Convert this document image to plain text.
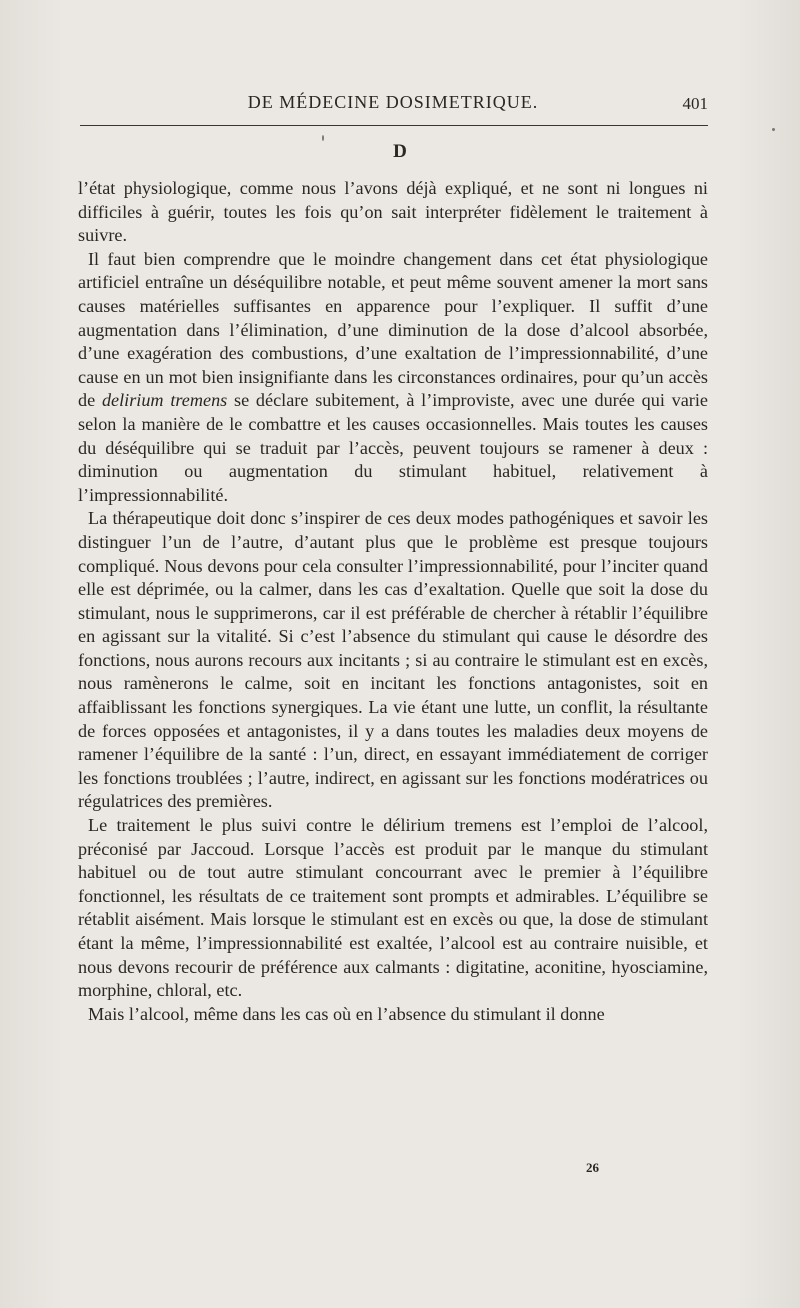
DE MÉDECINE DOSIMETRIQUE.	401
D

l’état physiologique, comme nous l’avons déjà expliqué, et ne sont ni longues ni difficiles à guérir, toutes les fois qu’on sait interpréter fidèlement le traitement à suivre.

Il faut bien comprendre que le moindre changement dans cet état physiologique artificiel entraîne un déséquilibre notable, et peut même souvent amener la mort sans causes matérielles suffisantes en apparence pour l’expliquer. Il suffit d’une augmentation dans l’élimination, d’une diminution de la dose d’alcool absorbée, d’une exagération des combustions, d’une exaltation de l’impressionnabilité, d’une cause en un mot bien insignifiante dans les circonstances ordinaires, pour qu’un accès de delirium tremens se déclare subitement, à l’improviste, avec une durée qui varie selon la manière de le combattre et les causes occasionnelles. Mais toutes les causes du déséquilibre qui se traduit par l’accès, peuvent toujours se ramener à deux : diminution ou augmentation du stimulant habituel, relativement à l’impressionnabilité.

La thérapeutique doit donc s’inspirer de ces deux modes pathogéniques et savoir les distinguer l’un de l’autre, d’autant plus que le problème est presque toujours compliqué. Nous devons pour cela consulter l’impressionnabilité, pour l’inciter quand elle est déprimée, ou la calmer, dans les cas d’exaltation. Quelle que soit la dose du stimulant, nous le supprimerons, car il est préférable de chercher à rétablir l’équilibre en agissant sur la vitalité. Si c’est l’absence du stimulant qui cause le désordre des fonctions, nous aurons recours aux incitants ; si au contraire le stimulant est en excès, nous ramènerons le calme, soit en incitant les fonctions antagonistes, soit en affaiblissant les fonctions synergiques. La vie étant une lutte, un conflit, la résultante de forces opposées et antagonistes, il y a dans toutes les maladies deux moyens de ramener l’équilibre de la santé : l’un, direct, en essayant immédiatement de corriger les fonctions troublées ; l’autre, indirect, en agissant sur les fonctions modératrices ou régulatrices des premières.

Le traitement le plus suivi contre le délirium tremens est l’emploi de l’alcool, préconisé par Jaccoud. Lorsque l’accès est produit par le manque du stimulant habituel ou de tout autre stimulant concourrant avec le premier à l’équilibre fonctionnel, les résultats de ce traitement sont prompts et admirables. L’équilibre se rétablit aisément. Mais lorsque le stimulant est en excès ou que, la dose de stimulant étant la même, l’impressionnabilité est exaltée, l’alcool est au contraire nuisible, et nous devons recourir de préférence aux calmants : digitatine, aconitine, hyosciamine, morphine, chloral, etc.

Mais l’alcool, même dans les cas où en l’absence du stimulant il donne

26
